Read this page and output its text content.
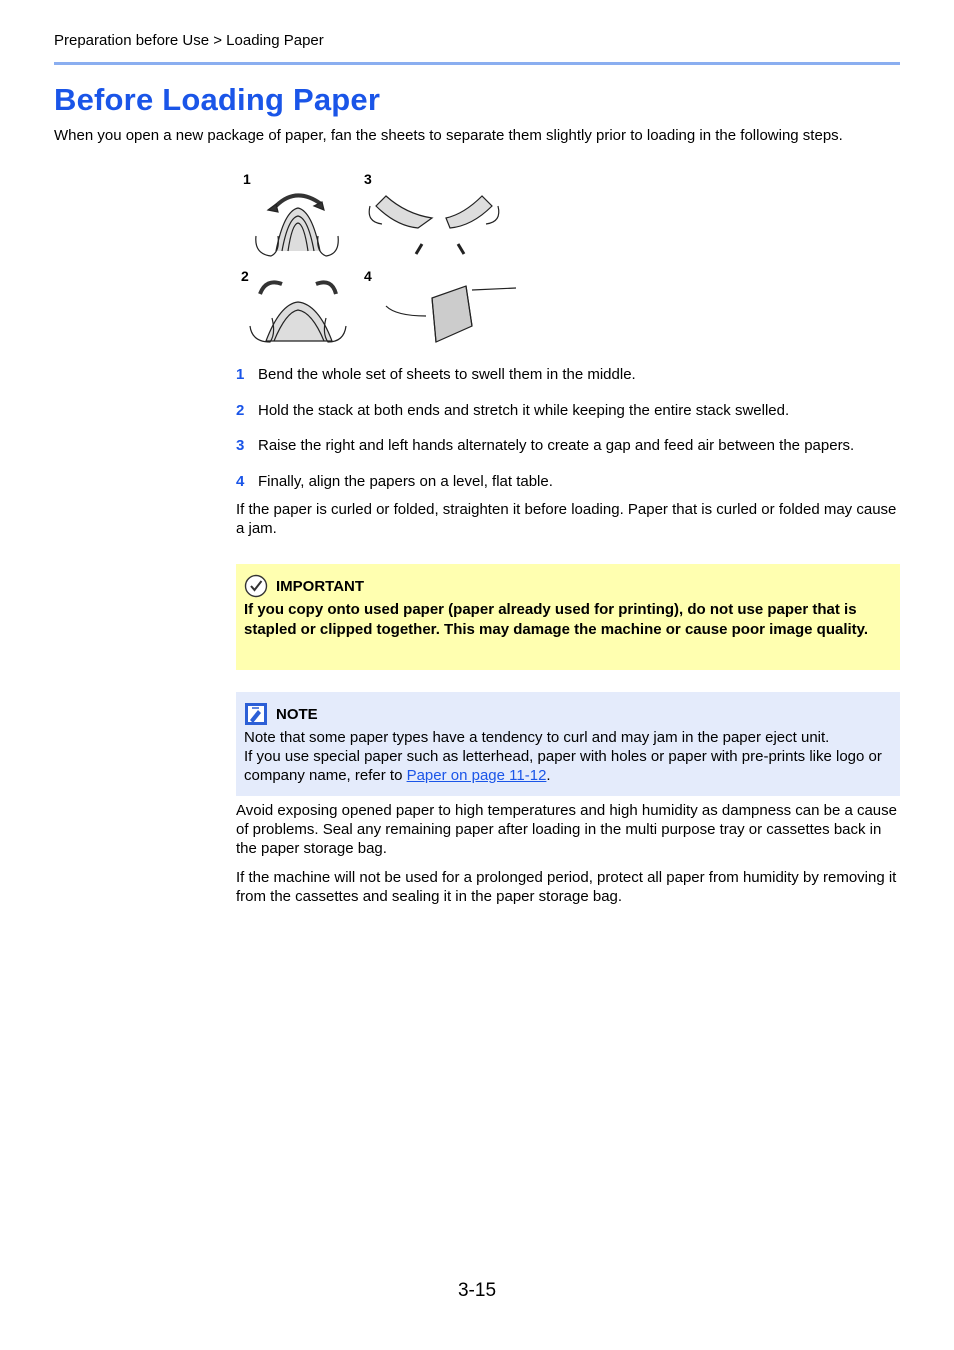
Preparation before Use > Loading Paper
Before Loading Paper
When you open a new package of paper, fan the sheets to separate them slightly prior to loading in the following steps.
1
2
3
4
1 Bend the whole set of sheets to swell them in the middle.
2 Hold the stack at both ends and stretch it while keeping the entire stack swelled.
3 Raise the right and left hands alternately to create a gap and feed air between the papers.
4 Finally, align the papers on a level, flat table.

If the paper is curled or folded, straighten it before loading. Paper that is curled or folded may cause a jam.

IMPORTANT
If you copy onto used paper (paper already used for printing), do not use paper that is stapled or clipped together. This may damage the machine or cause poor image quality.
NOTE
Note that some paper types have a tendency to curl and may jam in the paper eject unit.
If you use special paper such as letterhead, paper with holes or paper with pre-prints like logo or company name, refer to Paper on page 11-12.

Avoid exposing opened paper to high temperatures and high humidity as dampness can be a cause of problems. Seal any remaining paper after loading in the multi purpose tray or cassettes back in the paper storage bag.

If the machine will not be used for a prolonged period, protect all paper from humidity by removing it from the cassettes and sealing it in the paper storage bag.

3-15
